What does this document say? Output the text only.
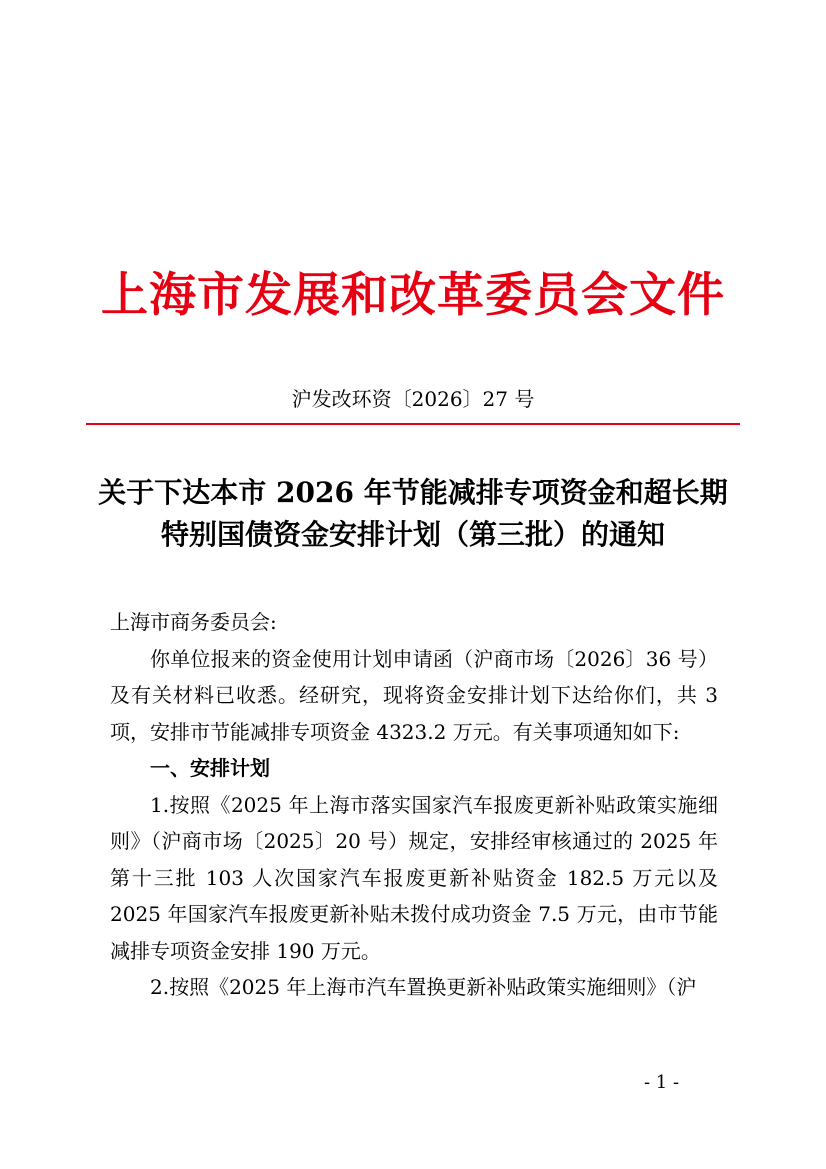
上海市发展和改革委员会文件
沪发改环资〔2026〕27 号
关于下达本市 2026 年节能减排专项资金和超长期
特别国债资金安排计划（第三批）的通知

上海市商务委员会:

你单位报来的资金使用计划申请函（沪商市场〔2026〕36 号）及有关材料已收悉。经研究，现将资金安排计划下达给你们，共 3 项，安排市节能减排专项资金 4323.2 万元。有关事项通知如下:

一、安排计划

1.按照《2025 年上海市落实国家汽车报废更新补贴政策实施细则》（沪商市场〔2025〕20 号）规定，安排经审核通过的 2025 年第十三批 103 人次国家汽车报废更新补贴资金 182.5 万元以及 2025 年国家汽车报废更新补贴未拨付成功资金 7.5 万元，由市节能减排专项资金安排 190 万元。

2.按照《2025 年上海市汽车置换更新补贴政策实施细则》（沪

- 1 -
